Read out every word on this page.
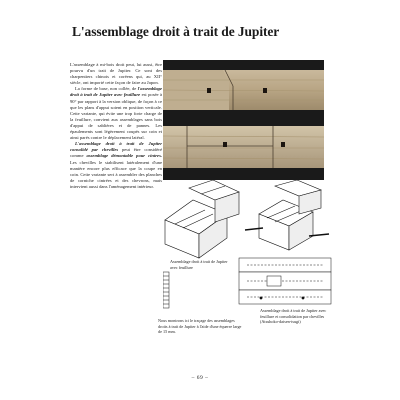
L'assemblage droit à trait de Jupiter

L'assemblage à mi-bois droit peut, lui aussi, être pourvu d'un trait de Jupiter. Ce sont des charpentiers chinois et coréens qui, au XII° siècle, ont importé cette façon de faire au Japon.

La forme de base, non collée, de l'assemblage droit à trait de Jupiter avec feuillure est posée à 90° par rapport à la version oblique, de façon à ce que les plans d'appui soient en position verticale. Cette variante, qui évite une trop forte charge de la feuillure, convient aux assemblages sans bois d'appui de sablières et de pannes. Les épaulements sont légèrement coupés sur coin et ainsi parés contre le déplacement latéral.

L'assemblage droit à trait de Jupiter consolidé par chevilles peut être considéré comme assemblage démontable pour cintres. Les chevilles le stabilisent latéralement d'une manière encore plus efficace que la coupe en coin. Cette variante sert à assembler des planches de corniche cintrées et des chevrons, mais intervient aussi dans l'aménagement intérieur.

Assemblage droit à trait de Jupiter avec feuillure
Assemblage droit à trait de Jupiter avec feuillure et consolidation par chevilles (Atsuhoko-daisen-tsugi)
Nous montrons ici le traçage des assemblages droits à trait de Jupiter à l'aide d'une équerre large de 15 mm.
– 69 –
